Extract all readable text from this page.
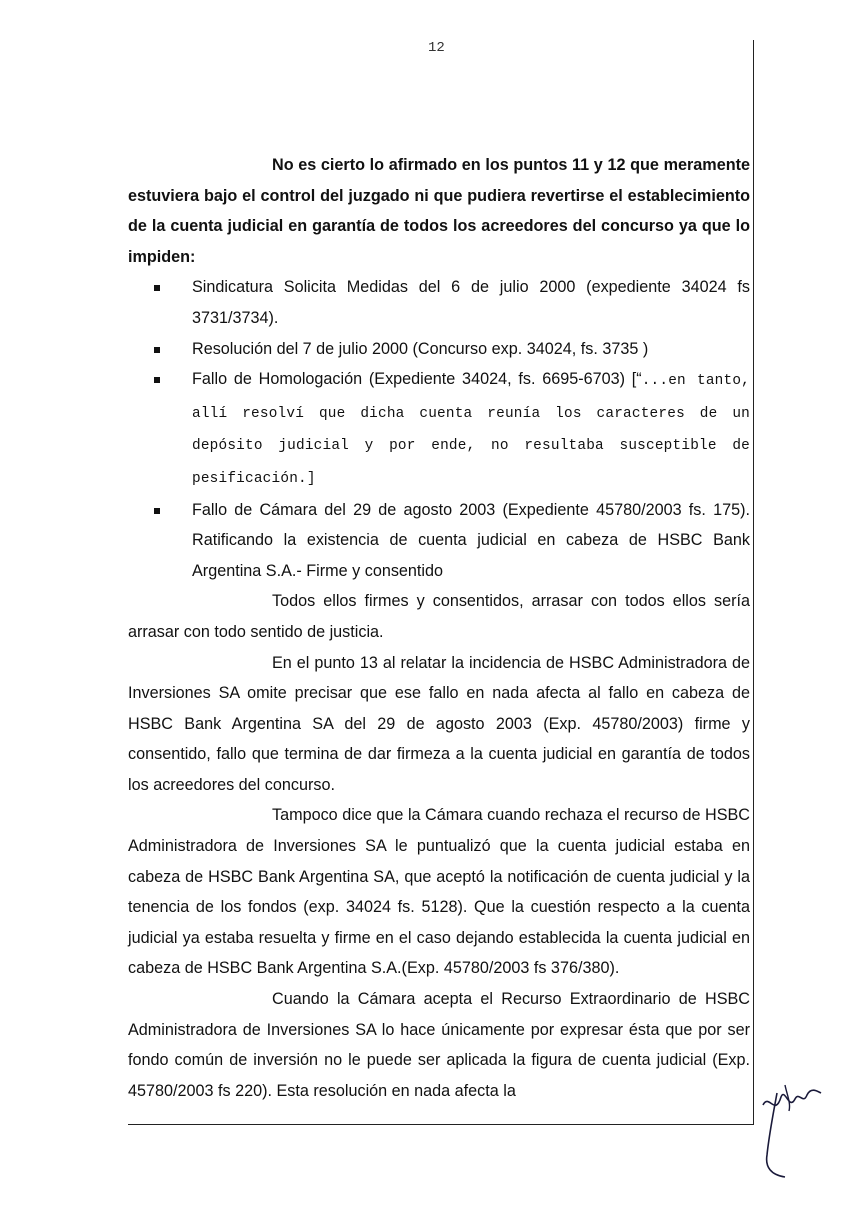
12

No es cierto lo afirmado en los puntos 11 y 12 que meramente estuviera bajo el control del juzgado ni que pudiera revertirse el establecimiento de la cuenta judicial en garantía de todos los acreedores del concurso ya que lo impiden:

Sindicatura Solicita Medidas del 6 de julio 2000 (expediente 34024 fs 3731/3734).
Resolución del 7 de julio 2000 (Concurso exp. 34024, fs. 3735 )
Fallo de Homologación (Expediente 34024, fs. 6695-6703) [“...en tanto, allí resolví que dicha cuenta reunía los caracteres de un depósito judicial y por ende, no resultaba susceptible de pesificación.]
Fallo de Cámara del 29 de agosto 2003 (Expediente 45780/2003 fs. 175). Ratificando la existencia de cuenta judicial en cabeza de HSBC Bank Argentina S.A.- Firme y consentido

Todos ellos firmes y consentidos, arrasar con todos ellos sería arrasar con todo sentido de justicia.

En el punto 13 al relatar la incidencia de HSBC Administradora de Inversiones SA omite precisar que ese fallo en nada afecta al fallo en cabeza de HSBC Bank Argentina SA del 29 de agosto 2003 (Exp. 45780/2003) firme y consentido, fallo que termina de dar firmeza a la cuenta judicial en garantía de todos los acreedores del concurso.

Tampoco dice que la Cámara cuando rechaza el recurso de HSBC Administradora de Inversiones SA le puntualizó que la cuenta judicial estaba en cabeza de HSBC Bank Argentina SA, que aceptó la notificación de cuenta judicial y la tenencia de los fondos (exp. 34024 fs. 5128). Que la cuestión respecto a la cuenta judicial ya estaba resuelta y firme en el caso dejando establecida la cuenta judicial en cabeza de HSBC Bank Argentina S.A.(Exp. 45780/2003 fs 376/380).

Cuando la Cámara acepta el Recurso Extraordinario de HSBC Administradora de Inversiones SA lo hace únicamente por expresar ésta que por ser fondo común de inversión no le puede ser aplicada la figura de cuenta judicial (Exp. 45780/2003 fs 220). Esta resolución en nada afecta la
